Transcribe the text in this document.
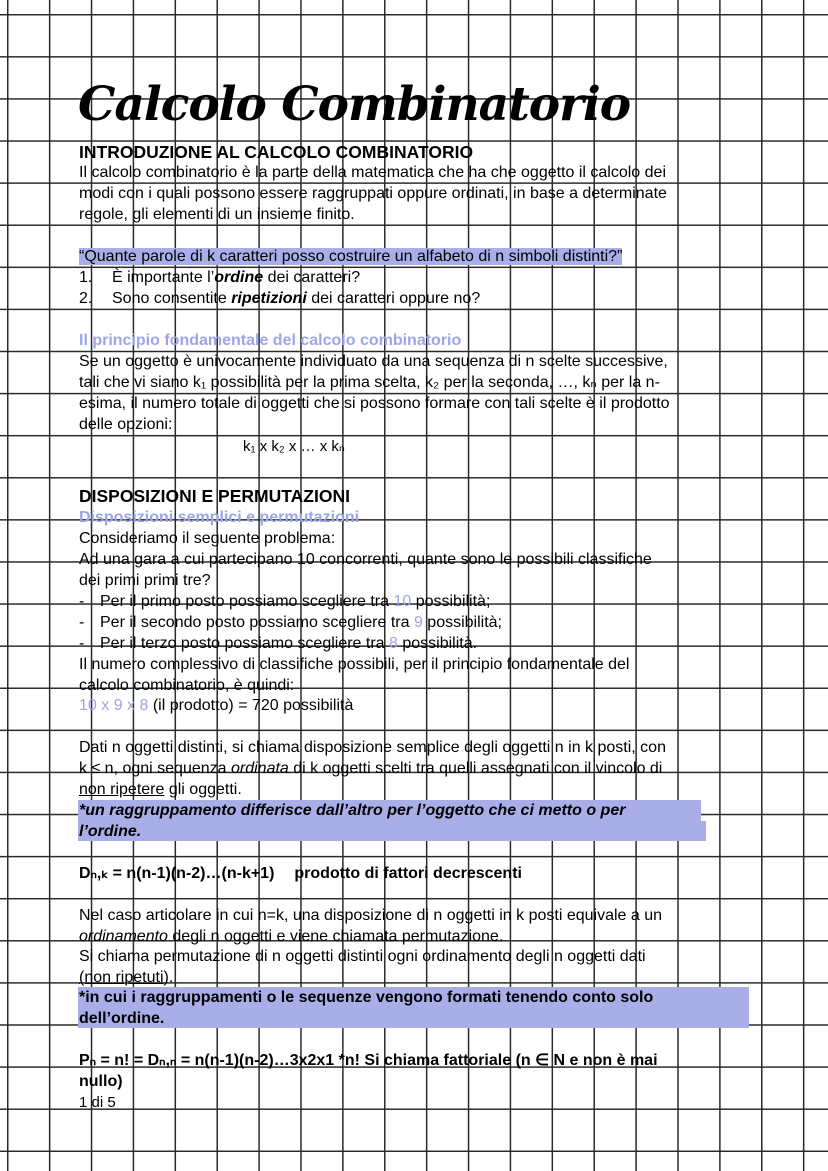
Calcolo Combinatorio
INTRODUZIONE AL CALCOLO COMBINATORIO
Il calcolo combinatorio è la parte della matematica che ha che oggetto il calcolo dei
modi con i quali possono essere raggruppati oppure ordinati, in base a determinate
regole, gli elementi di un insieme finito.
“Quante parole di k caratteri posso costruire un alfabeto di n simboli distinti?”
1. È importante l’ordine dei caratteri?
2. Sono consentite ripetizioni dei caratteri oppure no?
Il principio fondamentale del calcolo combinatorio
Se un oggetto è univocamente individuato da una sequenza di n scelte successive,
tali che vi siano k₁ possibilità per la prima scelta, k₂ per la seconda, …, kₙ per la n-
esima, il numero totale di oggetti che si possono formare con tali scelte è il prodotto
delle opzioni:
k₁ x k₂ x … x kₙ
DISPOSIZIONI E PERMUTAZIONI
Disposizioni semplici e permutazioni
Consideriamo il seguente problema:
Ad una gara a cui partecipano 10 concorrenti, quante sono le possibili classifiche
dei primi primi tre?
- Per il primo posto possiamo scegliere tra 10 possibilità;
- Per il secondo posto possiamo scegliere tra 9 possibilità;
- Per il terzo posto possiamo scegliere tra 8 possibilità.
Il numero complessivo di classifiche possibili, per il principio fondamentale del
calcolo combinatorio, è quindi:
10 x 9 x 8 (il prodotto) = 720 possibilità
Dati n oggetti distinti, si chiama disposizione semplice degli oggetti n in k posti, con
k ≤ n, ogni sequenza ordinata di k oggetti scelti tra quelli assegnati con il vincolo di
non ripetere gli oggetti.
*un raggruppamento differisce dall’altro per l’oggetto che ci metto o per
l’ordine.
Dₙ,ₖ = n(n-1)(n-2)…(n-k+1) prodotto di fattori decrescenti
Nel caso articolare in cui n=k, una disposizione di n oggetti in k posti equivale a un
ordinamento degli n oggetti e viene chiamata permutazione.
Si chiama permutazione di n oggetti distinti ogni ordinamento degli n oggetti dati
(non ripetuti).
*in cui i raggruppamenti o le sequenze vengono formati tenendo conto solo
dell’ordine.
Pₙ = n! = Dₙ,ₙ = n(n-1)(n-2)…3x2x1 *n! Si chiama fattoriale (n ∈ N e non è mai
nullo)
1 di 5
